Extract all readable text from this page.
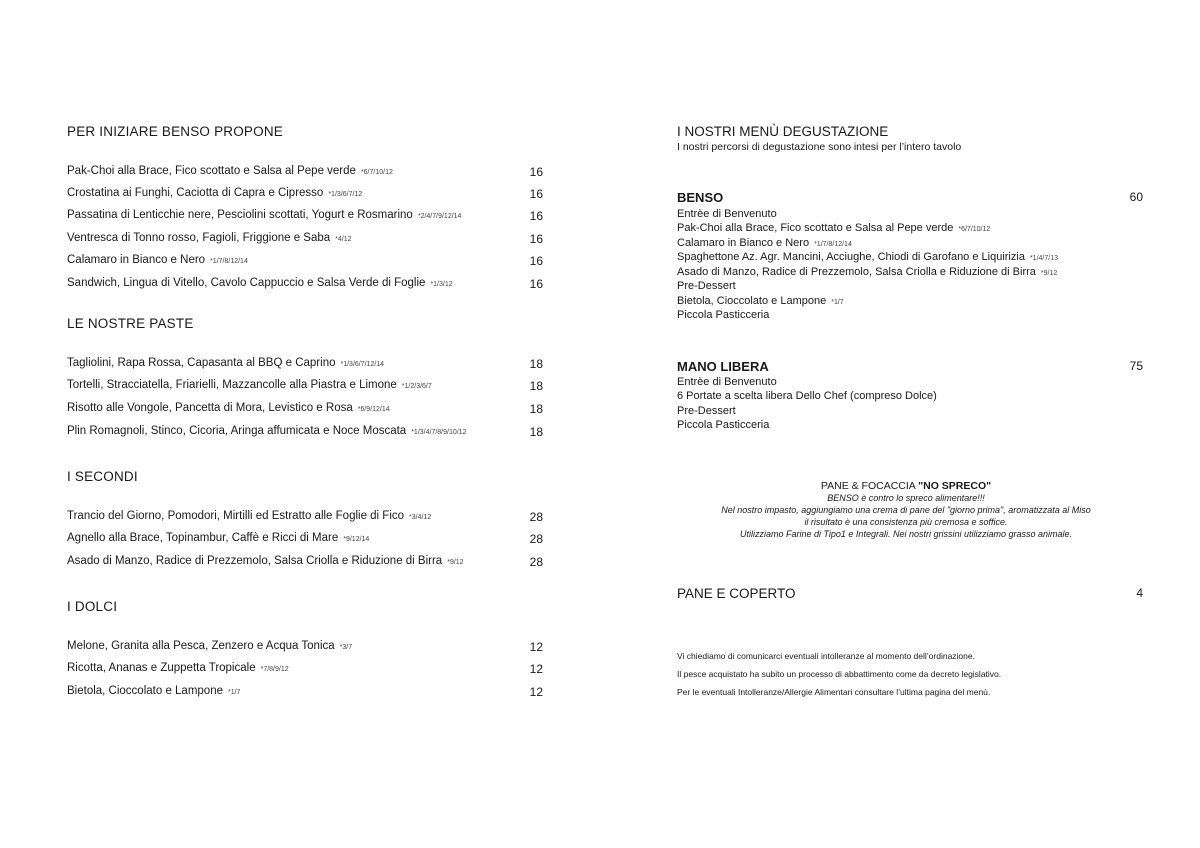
PER INIZIARE BENSO PROPONE
Pak-Choi alla Brace, Fico scottato e Salsa al Pepe verde *6/7/10/12	16
Crostatina ai Funghi, Caciotta di Capra e Cipresso *1/3/6/7/12	16
Passatina di Lenticchie nere, Pesciolini scottati, Yogurt e Rosmarino *2/4/7/9/12/14	16
Ventresca di Tonno rosso, Fagioli, Friggione e Saba *4/12	16
Calamaro in Bianco e Nero *1/7/8/12/14	16
Sandwich, Lingua di Vitello, Cavolo Cappuccio e Salsa Verde di Foglie *1/3/12	16
LE NOSTRE PASTE
Tagliolini, Rapa Rossa, Capasanta al BBQ e Caprino *1/3/6/7/12/14	18
Tortelli, Stracciatella, Friarielli, Mazzancolle alla Piastra e Limone *1/2/3/6/7	18
Risotto alle Vongole, Pancetta di Mora, Levistico e Rosa *6/9/12/14	18
Plin Romagnoli, Stinco, Cicoria, Aringa affumicata e Noce Moscata *1/3/4/7/8/9/10/12	18
I SECONDI
Trancio del Giorno, Pomodori, Mirtilli ed Estratto alle Foglie di Fico *3/4/12	28
Agnello alla Brace, Topinambur, Caffè e Ricci di Mare *9/12/14	28
Asado di Manzo, Radice di Prezzemolo, Salsa Criolla e Riduzione di Birra *9/12	28
I DOLCI
Melone, Granita alla Pesca, Zenzero e Acqua Tonica *3/7	12
Ricotta, Ananas e Zuppetta Tropicale *7/8/9/12	12
Bietola, Cioccolato e Lampone *1/7	12
I NOSTRI MENÙ DEGUSTAZIONE
I nostri percorsi di degustazione sono intesi per l’intero tavolo
BENSO	60
Entrèe di Benvenuto
Pak-Choi alla Brace, Fico scottato e Salsa al Pepe verde *6/7/10/12
Calamaro in Bianco e Nero *1/7/8/12/14
Spaghettone Az. Agr. Mancini, Acciughe, Chiodi di Garofano e Liquirizia *1/4/7/13
Asado di Manzo, Radice di Prezzemolo, Salsa Criolla e Riduzione di Birra *9/12
Pre-Dessert
Bietola, Cioccolato e Lampone *1/7
Piccola Pasticceria
MANO LIBERA	75
Entrèe di Benvenuto
6 Portate a scelta libera Dello Chef (compreso Dolce)
Pre-Dessert
Piccola Pasticceria
PANE & FOCACCIA "NO SPRECO"
BENSO è contro lo spreco alimentare!!!
Nel nostro impasto, aggiungiamo una crema di pane del "giorno prima", aromatizzata al Miso
il risultato è una consistenza più cremosa e soffice.
Utilizziamo Farine di Tipo1 e Integrali. Nei nostri grissini utilizziamo grasso animale.
PANE E COPERTO	4
Vi chiediamo di comunicarci eventuali intolleranze al momento dell’ordinazione.
Il pesce acquistato ha subito un processo di abbattimento come da decreto legislativo.
Per le eventuali Intolleranze/Allergie Alimentari consultare l’ultima pagina del menù.
